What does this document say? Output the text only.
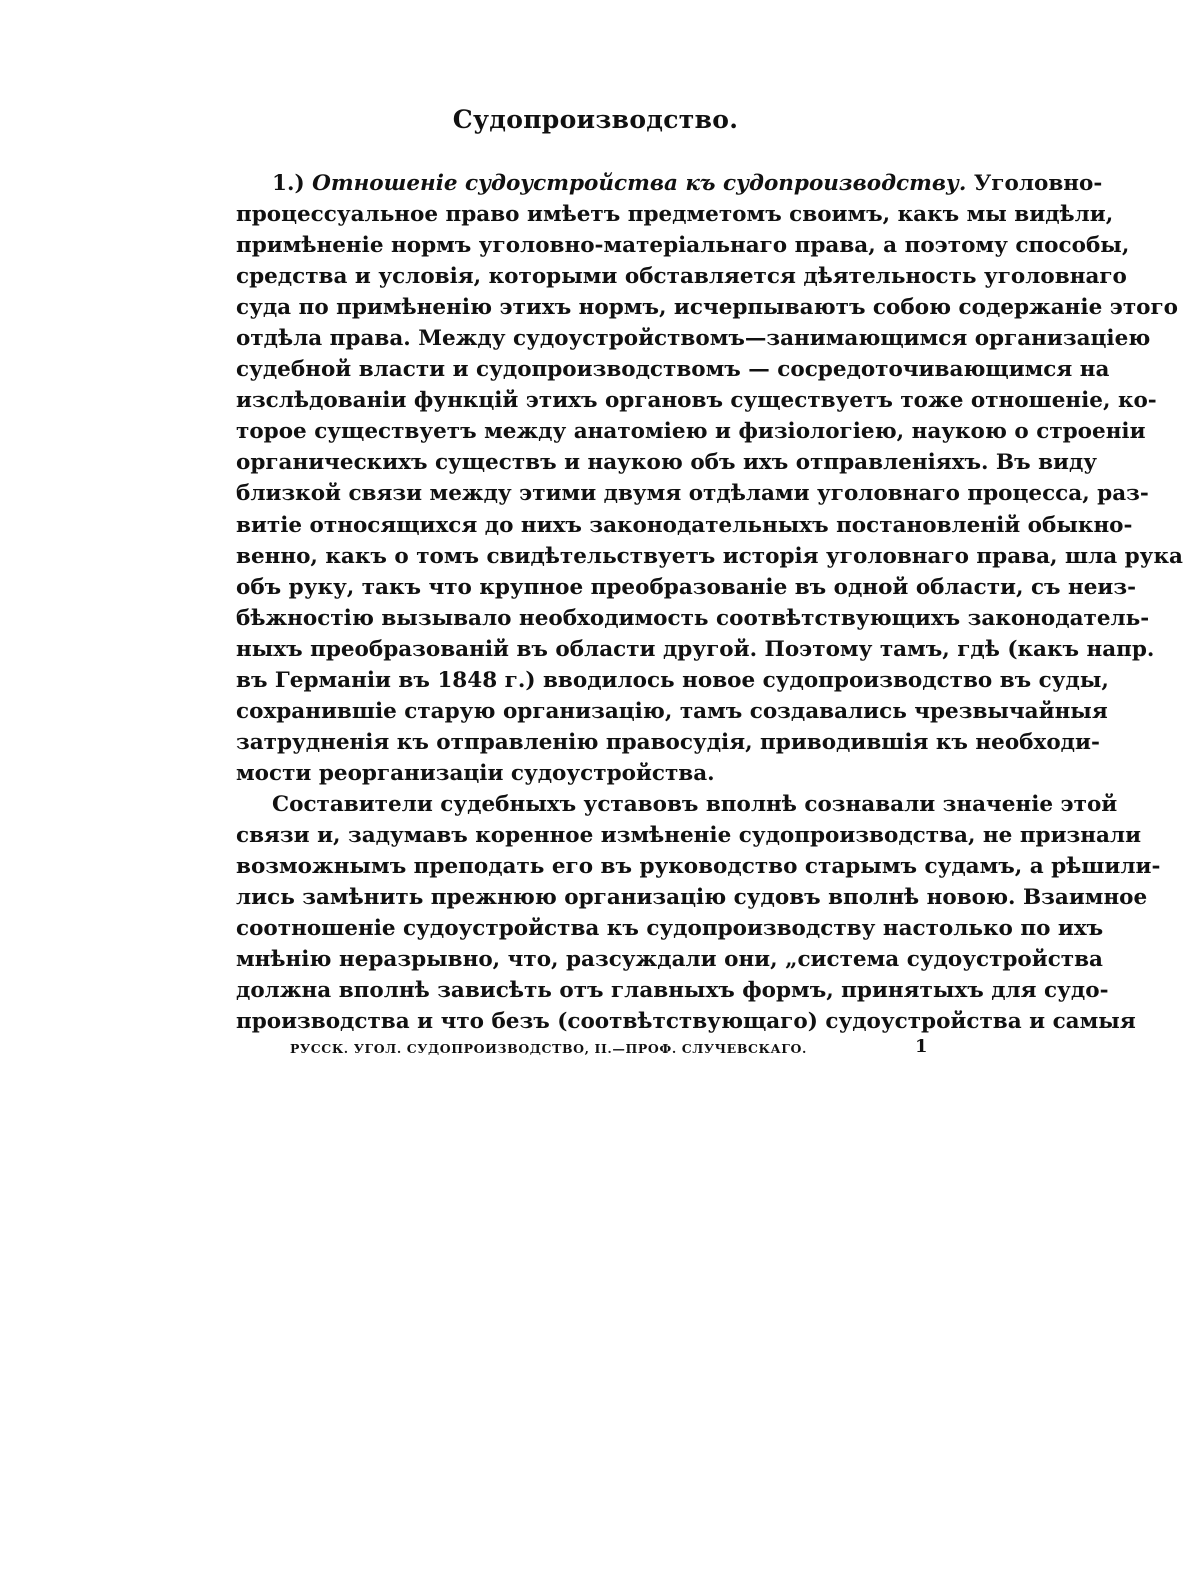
Судопроизводство.
1.) Отношенiе судоустройства къ судопроизводству. Уголовно-
процессуальное право имѣетъ предметомъ своимъ, какъ мы видѣли,
примѣненiе нормъ уголовно-матерiальнаго права, а поэтому способы,
средства и условiя, которыми обставляется дѣятельность уголовнаго
суда по примѣненiю этихъ нормъ, исчерпываютъ собою содержанiе этого
отдѣла права. Между судоустройствомъ—занимающимся организацiею
судебной власти и судопроизводствомъ — сосредоточивающимся на
изслѣдованiи функцiй этихъ органовъ существуетъ тоже отношенiе, ко-
торое существуетъ между анатомiею и физiологiею, наукою о строенiи
органическихъ существъ и наукою объ ихъ отправленiяхъ. Въ виду
близкой связи между этими двумя отдѣлами уголовнаго процесса, раз-
витiе относящихся до нихъ законодательныхъ постановленiй обыкно-
венно, какъ о томъ свидѣтельствуетъ исторiя уголовнаго права, шла рука
объ руку, такъ что крупное преобразованiе въ одной области, съ неиз-
бѣжностiю вызывало необходимость соотвѣтствующихъ законодатель-
ныхъ преобразованiй въ области другой. Поэтому тамъ, гдѣ (какъ напр.
въ Германiи въ 1848 г.) вводилось новое судопроизводство въ суды,
сохранившiе старую организацiю, тамъ создавались чрезвычайныя
затрудненiя къ отправленiю правосудiя, приводившiя къ необходи-
мости реорганизацiи судоустройства.
Составители судебныхъ уставовъ вполнѣ сознавали значенiе этой
связи и, задумавъ коренное измѣненiе судопроизводства, не признали
возможнымъ преподать его въ руководство старымъ судамъ, а рѣшили-
лись замѣнить прежнюю организацiю судовъ вполнѣ новою. Взаимное
соотношенiе судоустройства къ судопроизводству настолько по ихъ
мнѣнiю неразрывно, что, разсуждали они, „система судоустройства
должна вполнѣ зависѣть отъ главныхъ формъ, принятыхъ для судо-
производства и что безъ (соотвѣтствующаго) судоустройства и самыя
РУССК. УГОЛ. СУДОПРОИЗВОДСТВО, II.—ПРОФ. СЛУЧЕВСКАГО.	1
